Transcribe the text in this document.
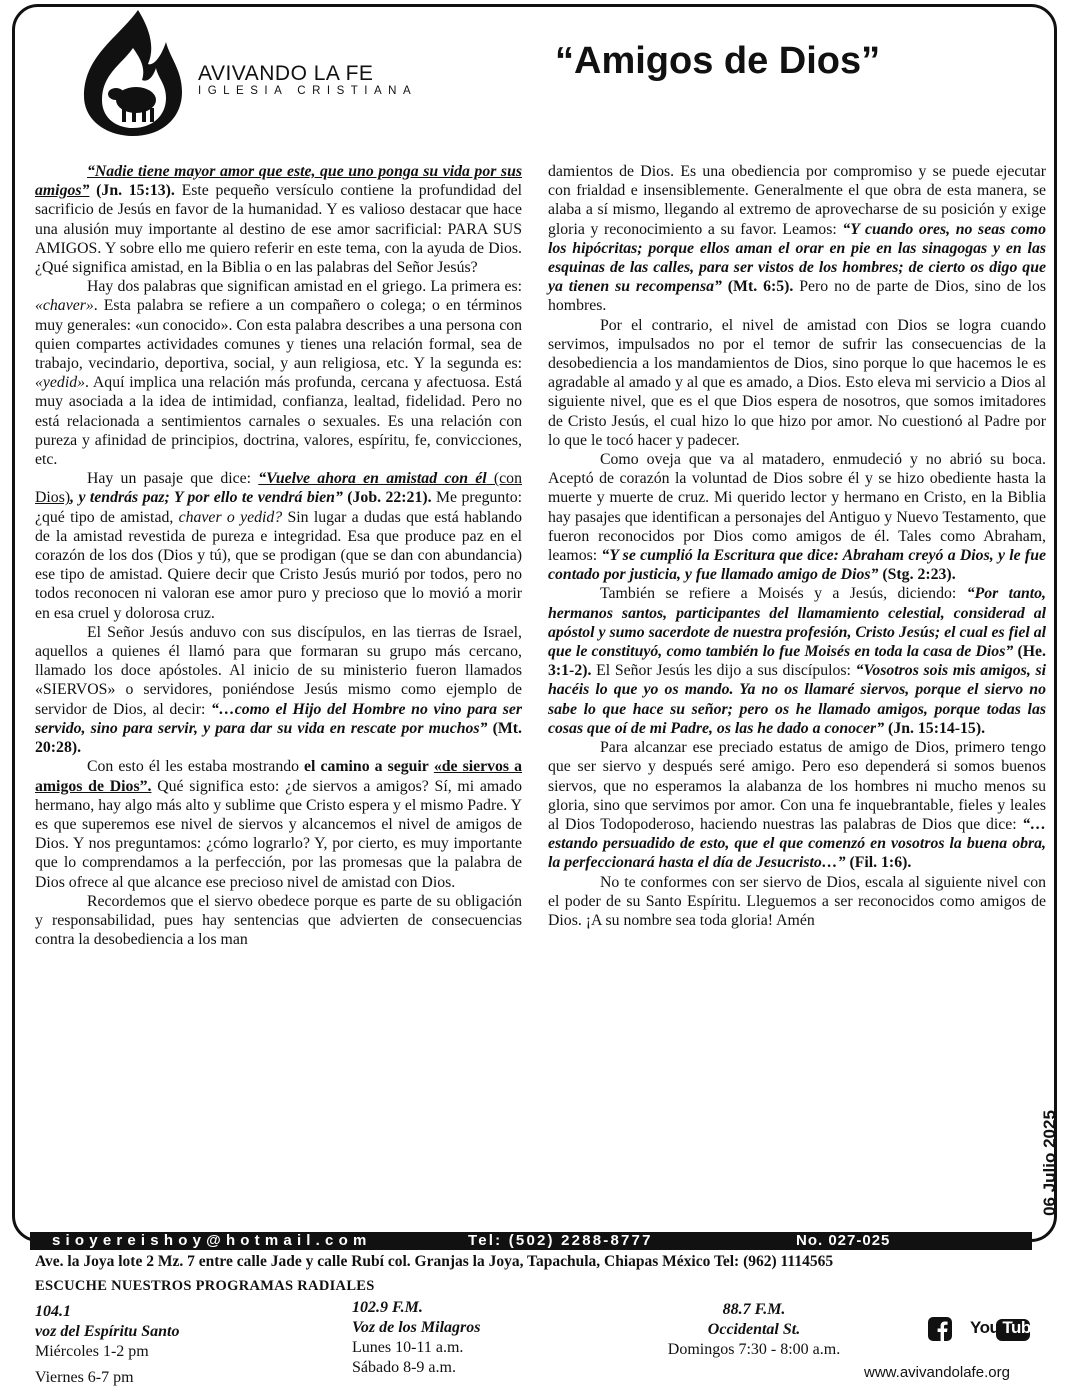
AVIVANDO LA FE
IGLESIA CRISTIANA
“Amigos de Dios”

“Nadie tiene mayor amor que este, que uno ponga su vida por sus amigos” (Jn. 15:13). Este pequeño versículo contiene la profundidad del sacrificio de Jesús en favor de la humanidad. Y es valioso destacar que hace una alusión muy importante al destino de ese amor sacrificial: PARA SUS AMIGOS. Y sobre ello me quiero referir en este tema, con la ayuda de Dios. ¿Qué significa amistad, en la Biblia o en las palabras del Señor Jesús?

Hay dos palabras que significan amistad en el griego. La primera es: «chaver». Esta palabra se refiere a un compañero o colega; o en términos muy generales: «un conocido». Con esta palabra describes a una persona con quien compartes actividades comunes y tienes una relación formal, sea de trabajo, vecindario, deportiva, social, y aun religiosa, etc. Y la segunda es: «yedid». Aquí implica una relación más profunda, cercana y afectuosa. Está muy asociada a la idea de intimidad, confianza, lealtad, fidelidad. Pero no está relacionada a sentimientos carnales o sexuales. Es una relación con pureza y afinidad de principios, doctrina, valores, espíritu, fe, convicciones, etc.

Hay un pasaje que dice: “Vuelve ahora en amistad con él (con Dios), y tendrás paz; Y por ello te vendrá bien” (Job. 22:21). Me pregunto: ¿qué tipo de amistad, chaver o yedid? Sin lugar a dudas que está hablando de la amistad revestida de pureza e integridad. Esa que produce paz en el corazón de los dos (Dios y tú), que se prodigan (que se dan con abundancia) ese tipo de amistad. Quiere decir que Cristo Jesús murió por todos, pero no todos reconocen ni valoran ese amor puro y precioso que lo movió a morir en esa cruel y dolorosa cruz.

El Señor Jesús anduvo con sus discípulos, en las tierras de Israel, aquellos a quienes él llamó para que formaran su grupo más cercano, llamado los doce apóstoles. Al inicio de su ministerio fueron llamados «SIERVOS» o servidores, poniéndose Jesús mismo como ejemplo de servidor de Dios, al decir: “…como el Hijo del Hombre no vino para ser servido, sino para servir, y para dar su vida en rescate por muchos” (Mt. 20:28).

Con esto él les estaba mostrando el camino a seguir «de siervos a amigos de Dios”. Qué significa esto: ¿de siervos a amigos? Sí, mi amado hermano, hay algo más alto y sublime que Cristo espera y el mismo Padre. Y es que superemos ese nivel de siervos y alcancemos el nivel de amigos de Dios. Y nos preguntamos: ¿cómo lograrlo? Y, por cierto, es muy importante que lo comprendamos a la perfección, por las promesas que la palabra de Dios ofrece al que alcance ese precioso nivel de amistad con Dios.

Recordemos que el siervo obedece porque es parte de su obligación y responsabilidad, pues hay sentencias que advierten de consecuencias contra la desobediencia a los man

damientos de Dios. Es una obediencia por compromiso y se puede ejecutar con frialdad e insensiblemente. Generalmente el que obra de esta manera, se alaba a sí mismo, llegando al extremo de aprovecharse de su posición y exige gloria y reconocimiento a su favor. Leamos: “Y cuando ores, no seas como los hipócritas; porque ellos aman el orar en pie en las sinagogas y en las esquinas de las calles, para ser vistos de los hombres; de cierto os digo que ya tienen su recompensa” (Mt. 6:5). Pero no de parte de Dios, sino de los hombres.

Por el contrario, el nivel de amistad con Dios se logra cuando servimos, impulsados no por el temor de sufrir las consecuencias de la desobediencia a los mandamientos de Dios, sino porque lo que hacemos le es agradable al amado y al que es amado, a Dios. Esto eleva mi servicio a Dios al siguiente nivel, que es el que Dios espera de nosotros, que somos imitadores de Cristo Jesús, el cual hizo lo que hizo por amor. No cuestionó al Padre por lo que le tocó hacer y padecer.

Como oveja que va al matadero, enmudeció y no abrió su boca. Aceptó de corazón la voluntad de Dios sobre él y se hizo obediente hasta la muerte y muerte de cruz. Mi querido lector y hermano en Cristo, en la Biblia hay pasajes que identifican a personajes del Antiguo y Nuevo Testamento, que fueron reconocidos por Dios como amigos de él. Tales como Abraham, leamos: “Y se cumplió la Escritura que dice: Abraham creyó a Dios, y le fue contado por justicia, y fue llamado amigo de Dios” (Stg. 2:23).

También se refiere a Moisés y a Jesús, diciendo: “Por tanto, hermanos santos, participantes del llamamiento celestial, considerad al apóstol y sumo sacerdote de nuestra profesión, Cristo Jesús; el cual es fiel al que le constituyó, como también lo fue Moisés en toda la casa de Dios” (He. 3:1-2). El Señor Jesús les dijo a sus discípulos: “Vosotros sois mis amigos, si hacéis lo que yo os mando. Ya no os llamaré siervos, porque el siervo no sabe lo que hace su señor; pero os he llamado amigos, porque todas las cosas que oí de mi Padre, os las he dado a conocer” (Jn. 15:14-15).

Para alcanzar ese preciado estatus de amigo de Dios, primero tengo que ser siervo y después seré amigo. Pero eso dependerá si somos buenos siervos, que no esperamos la alabanza de los hombres ni mucho menos su gloria, sino que servimos por amor. Con una fe inquebrantable, fieles y leales al Dios Todopoderoso, haciendo nuestras las palabras de Dios que dice: “…estando persuadido de esto, que el que comenzó en vosotros la buena obra, la perfeccionará hasta el día de Jesucristo…” (Fil. 1:6).

No te conformes con ser siervo de Dios, escala al siguiente nivel con el poder de su Santo Espíritu. Lleguemos a ser reconocidos como amigos de Dios. ¡A su nombre sea toda gloria! Amén

06 Julio 2025
sioyereishoy@hotmail.com	Tel: (502) 2288-8777	No. 027-025
Ave. la Joya lote 2 Mz. 7 entre calle Jade y calle Rubí col. Granjas la Joya, Tapachula, Chiapas México Tel: (962) 1114565
ESCUCHE NUESTROS PROGRAMAS RADIALES
104.1
voz del Espíritu Santo
Miércoles 1-2 pm
Viernes 6-7 pm
102.9 F.M.
Voz de los Milagros
Lunes 10-11 a.m.
Sábado 8-9 a.m.
88.7 F.M.
Occidental St.
Domingos 7:30 - 8:00 a.m.
You Tube
www.avivandolafe.org
